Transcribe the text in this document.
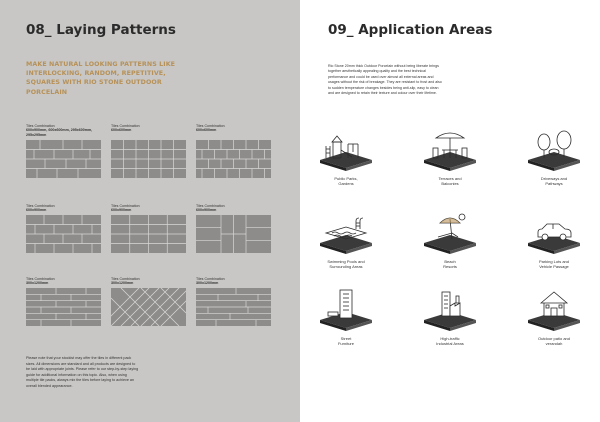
08_ Laying Patterns

MAKE NATURAL LOOKING PATTERNS LIKE INTERLOCKING, RANDOM, REPETITIVE, SQUARES WITH RIO STONE OUTDOOR PORCELAIN

Tiles Combination
600x900mm, 600x600mm, 295x600mm, 295x295mm
Tiles Combination
600x600mm
Tiles Combination
600x600mm
Tiles Combination
600x900mm
Tiles Combination
600x900mm
Tiles Combination
600x900mm
Tiles Combination
300x1200mm
Tiles Combination
300x1200mm
Tiles Combination
300x1200mm

Please note that your stockist may offer the tiles in different pack sizes. All dimensions are standard and all products are designed to be laid with appropriate joints. Please refer to our step-by-step laying guide for additional information on this topic. Also, when using multiple tile packs, always mix the tiles before laying to achieve an overall blended appearance.

09_ Application Areas

Rio Stone 20mm thick Outdoor Porcelain without being liberate brings together aesthetically appealing quality and the best technical performance and could be used over almost all external areas and usages without the risk of breakage. They are resistant to frost and also to sudden temperature changes besides being anti-slip, easy to clean and are designed to retain their texture and colour over their lifetime.

Public Parks,
Gardens
Terraces and
Balconies
Driveways and
Pathways
Swimming Pools and
Surrounding Areas
Beach
Resorts
Parking Lots and
Vehicle Passage
Street
Furniture
High-traffic
Industrial Areas
Outdoor patio and
verandah
